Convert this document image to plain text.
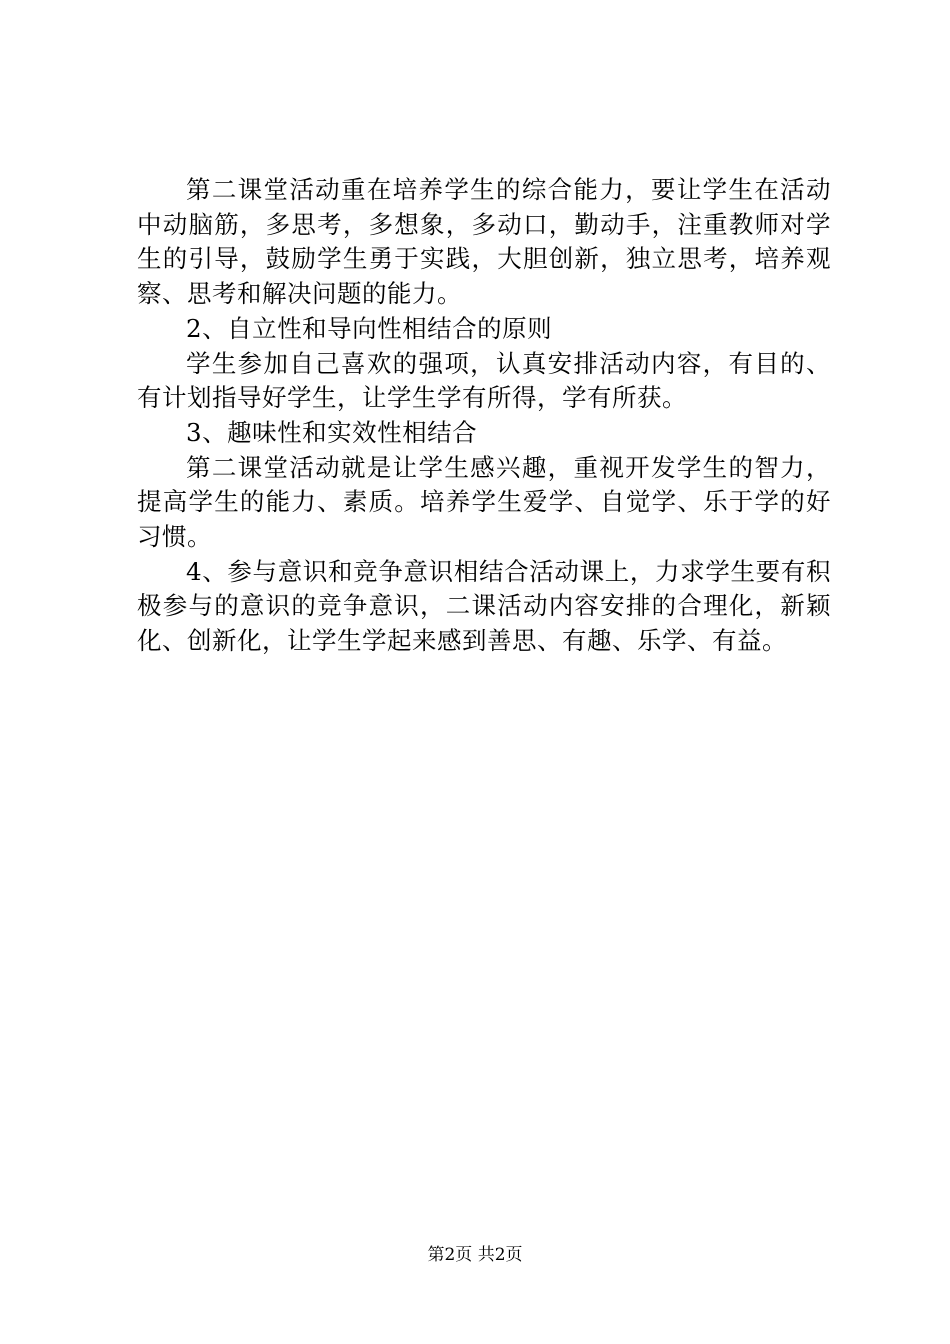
第二课堂活动重在培养学生的综合能力，要让学生在活动中动脑筋，多思考，多想象，多动口，勤动手，注重教师对学生的引导，鼓励学生勇于实践，大胆创新，独立思考，培养观察、思考和解决问题的能力。

2、自立性和导向性相结合的原则

学生参加自己喜欢的强项，认真安排活动内容，有目的、有计划指导好学生，让学生学有所得，学有所获。

3、趣味性和实效性相结合

第二课堂活动就是让学生感兴趣，重视开发学生的智力，提高学生的能力、素质。培养学生爱学、自觉学、乐于学的好习惯。

4、参与意识和竞争意识相结合活动课上，力求学生要有积极参与的意识的竞争意识，二课活动内容安排的合理化，新颖化、创新化，让学生学起来感到善思、有趣、乐学、有益。

第2页 共2页
